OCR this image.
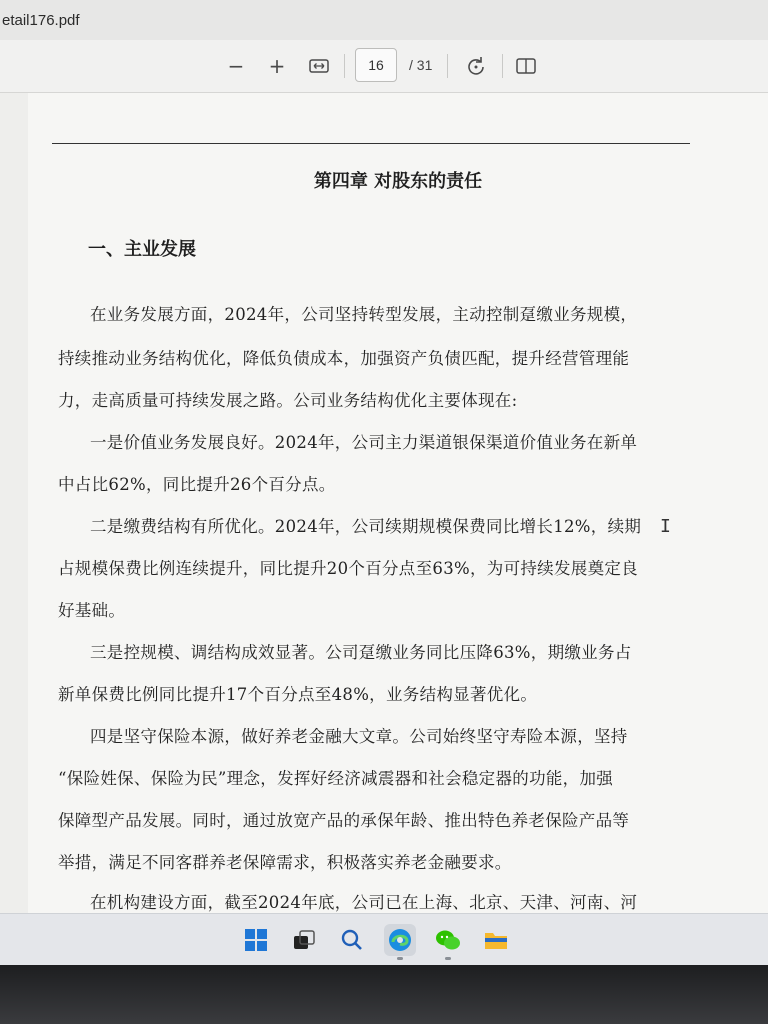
etail176.pdf
− +
16	/ 31
第四章 对股东的责任
一、主业发展
在业务发展方面，2024年，公司坚持转型发展，主动控制趸缴业务规模，
持续推动业务结构优化，降低负债成本，加强资产负债匹配，提升经营管理能
力，走高质量可持续发展之路。公司业务结构优化主要体现在:
一是价值业务发展良好。2024年，公司主力渠道银保渠道价值业务在新单
中占比62%，同比提升26个百分点。
二是缴费结构有所优化。2024年，公司续期规模保费同比增长12%，续期
占规模保费比例连续提升，同比提升20个百分点至63%，为可持续发展奠定良
好基础。
三是控规模、调结构成效显著。公司趸缴业务同比压降63%，期缴业务占
新单保费比例同比提升17个百分点至48%，业务结构显著优化。
四是坚守保险本源，做好养老金融大文章。公司始终坚守寿险本源，坚持
“保险姓保、保险为民”理念，发挥好经济减震器和社会稳定器的功能，加强
保障型产品发展。同时，通过放宽产品的承保年龄、推出特色养老保险产品等
举措，满足不同客群养老保障需求，积极落实养老金融要求。
在机构建设方面，截至2024年底，公司已在上海、北京、天津、河南、河
I
